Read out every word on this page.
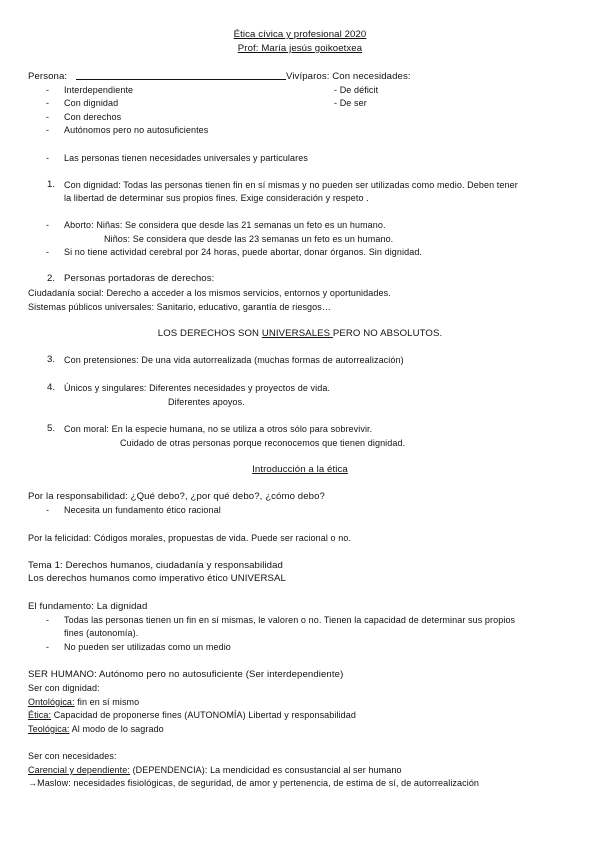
Ética cívica y profesional 2020
Prof: María jesús goikoetxea
Persona:	Vivíparos: Con necesidades:
- Interdependiente	- De déficit
- Con dignidad	- De ser
- Con derechos
- Autónomos pero no autosuficientes
- Las personas tienen necesidades universales y particulares
1. Con dignidad: Todas las personas tienen fin en sí mismas y no pueden ser utilizadas como medio. Deben tener
la libertad de determinar sus propios fines. Exige consideración y respeto .
- Aborto: Niñas: Se considera que desde las 21 semanas un feto es un humano.
Niños: Se considera que desde las 23 semanas un feto es un humano.
- Si no tiene actividad cerebral por 24 horas, puede abortar, donar órganos. Sin dignidad.
2. Personas portadoras de derechos:
Ciudadanía social: Derecho a acceder a los mismos servicios, entornos y oportunidades.
Sistemas públicos universales: Sanitario, educativo, garantía de riesgos…
LOS DERECHOS SON UNIVERSALES PERO NO ABSOLUTOS.
3. Con pretensiones: De una vida autorrealizada (muchas formas de autorrealización)
4. Únicos y singulares: Diferentes necesidades y proyectos de vida.
Diferentes apoyos.
5. Con moral: En la especie humana, no se utiliza a otros sólo para sobrevivir.
Cuidado de otras personas porque reconocemos que tienen dignidad.
Introducción a la ética
Por la responsabilidad: ¿Qué debo?, ¿por qué debo?, ¿cómo debo?
- Necesita un fundamento ético racional
Por la felicidad: Códigos morales, propuestas de vida. Puede ser racional o no.
Tema 1: Derechos humanos, ciudadanía y responsabilidad
Los derechos humanos como imperativo ético UNIVERSAL
El fundamento: La dignidad
- Todas las personas tienen un fin en sí mismas, le valoren o no. Tienen la capacidad de determinar sus propios
fines (autonomía).
- No pueden ser utilizadas como un medio
SER HUMANO: Autónomo pero no autosuficiente (Ser interdependiente)
Ser con dignidad:
Ontológica: fin en sí mismo
Ética: Capacidad de proponerse fines (AUTONOMÍA) Libertad y responsabilidad
Teológica: Al modo de lo sagrado
Ser con necesidades:
Carencial y dependiente: (DEPENDENCIA): La mendicidad es consustancial al ser humano
→Maslow: necesidades fisiológicas, de seguridad, de amor y pertenencia, de estima de sí, de autorrealización
